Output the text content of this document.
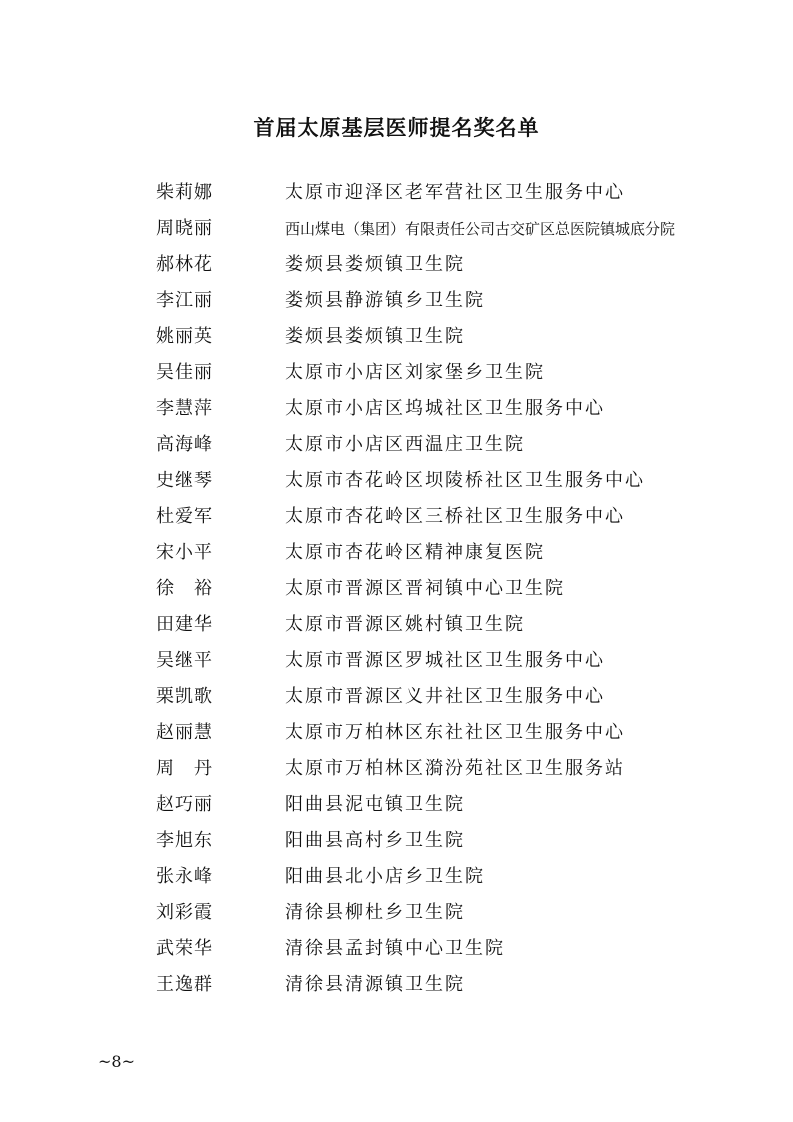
首届太原基层医师提名奖名单
柴莉娜	太原市迎泽区老军营社区卫生服务中心
周晓丽	西山煤电（集团）有限责任公司古交矿区总医院镇城底分院
郝林花	娄烦县娄烦镇卫生院
李江丽	娄烦县静游镇乡卫生院
姚丽英	娄烦县娄烦镇卫生院
吴佳丽	太原市小店区刘家堡乡卫生院
李慧萍	太原市小店区坞城社区卫生服务中心
高海峰	太原市小店区西温庄卫生院
史继琴	太原市杏花岭区坝陵桥社区卫生服务中心
杜爱军	太原市杏花岭区三桥社区卫生服务中心
宋小平	太原市杏花岭区精神康复医院
徐　裕	太原市晋源区晋祠镇中心卫生院
田建华	太原市晋源区姚村镇卫生院
吴继平	太原市晋源区罗城社区卫生服务中心
栗凯歌	太原市晋源区义井社区卫生服务中心
赵丽慧	太原市万柏林区东社社区卫生服务中心
周　丹	太原市万柏林区漪汾苑社区卫生服务站
赵巧丽	阳曲县泥屯镇卫生院
李旭东	阳曲县高村乡卫生院
张永峰	阳曲县北小店乡卫生院
刘彩霞	清徐县柳杜乡卫生院
武荣华	清徐县孟封镇中心卫生院
王逸群	清徐县清源镇卫生院
~8~
